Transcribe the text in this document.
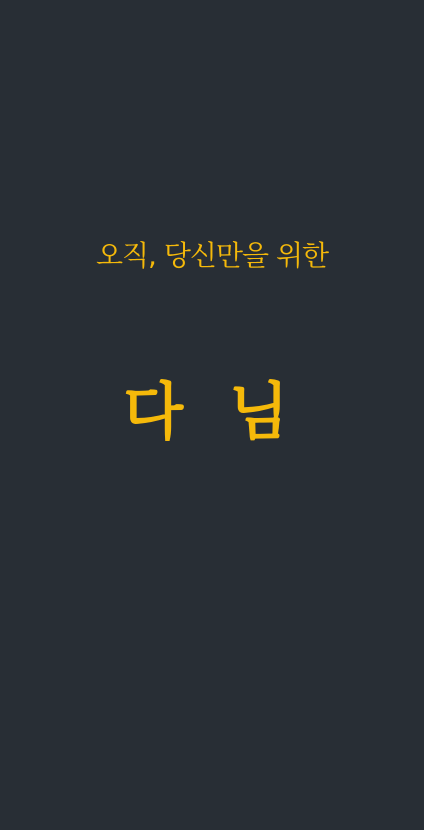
오직, 당신만을 위한
다 님
